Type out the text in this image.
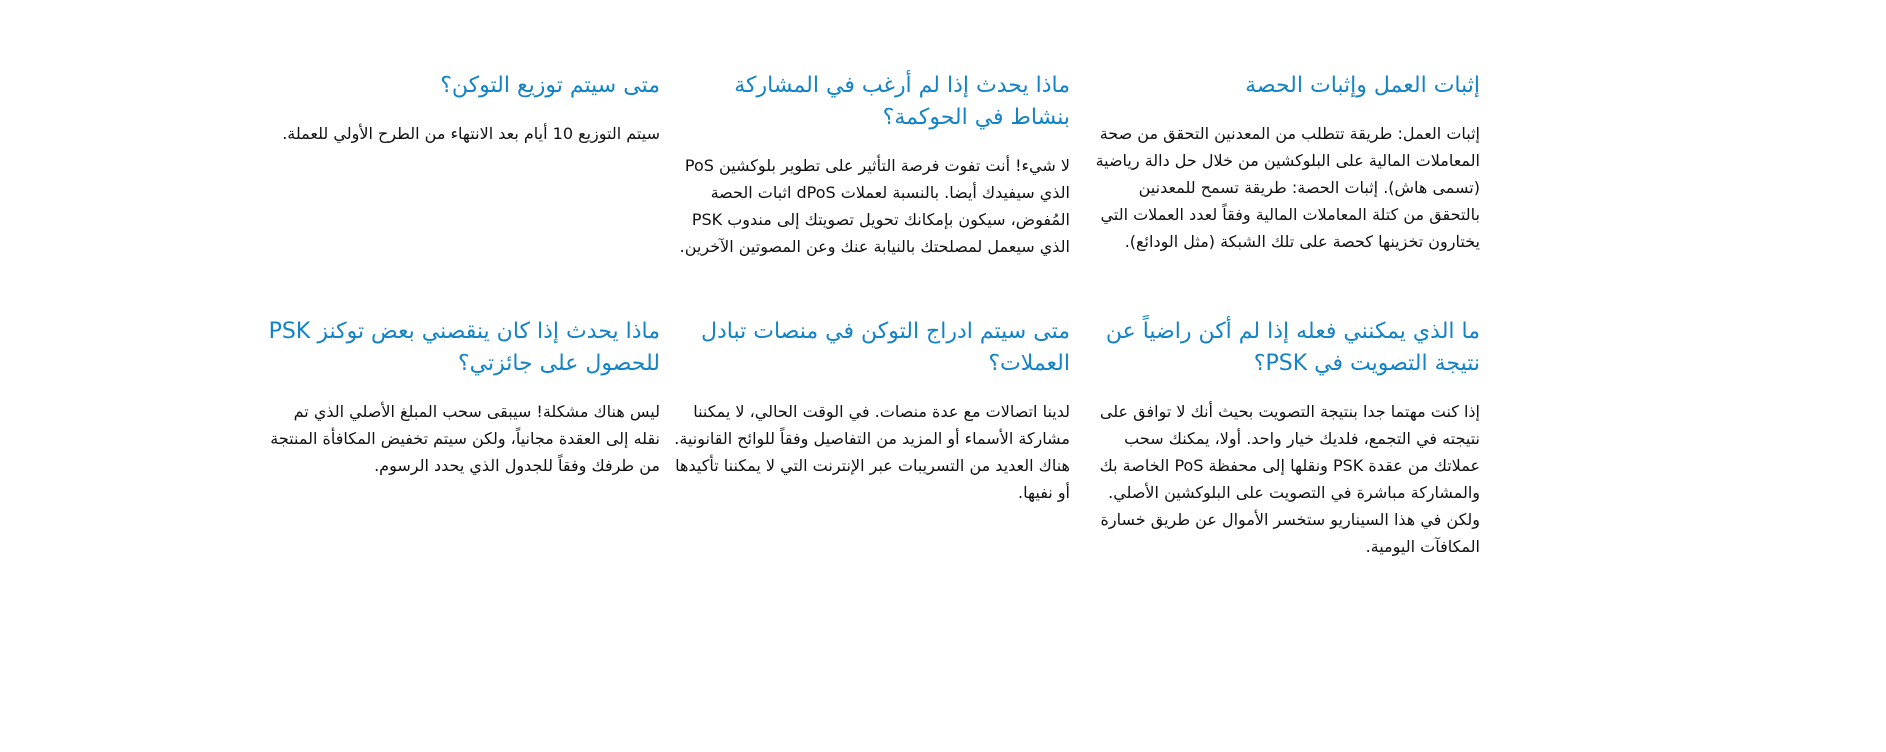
إثبات العمل وإثبات الحصة

إثبات العمل: طريقة تتطلب من المعدنين التحقق من صحة المعاملات المالية على البلوكشين من خلال حل دالة رياضية (تسمى هاش). إثبات الحصة: طريقة تسمح للمعدنين بالتحقق من كتلة المعاملات المالية وفقاً لعدد العملات التي يختارون تخزينها كحصة على تلك الشبكة (مثل الودائع).

ماذا يحدث إذا لم أرغب في المشاركة بنشاط في الحوكمة؟

لا شيء! أنت تفوت فرصة التأثير على تطوير بلوكشين PoS الذي سيفيدك أيضا. بالنسبة لعملات dPoS اثبات الحصة المُفوض، سيكون بإمكانك تحويل تصويتك إلى مندوب PSK الذي سيعمل لمصلحتك بالنيابة عنك وعن المصوتين الآخرين.

متى سيتم توزيع التوكن؟

سيتم التوزيع 10 أيام بعد الانتهاء من الطرح الأولي للعملة.

ما الذي يمكنني فعله إذا لم أكن راضياً عن نتيجة التصويت في PSK؟

إذا كنت مهتما جدا بنتيجة التصويت بحيث أنك لا توافق على نتيجته في التجمع، فلديك خيار واحد. أولا، يمكنك سحب عملاتك من عقدة PSK ونقلها إلى محفظة PoS الخاصة بك والمشاركة مباشرة في التصويت على البلوكشين الأصلي. ولكن في هذا السيناريو ستخسر الأموال عن طريق خسارة المكافآت اليومية.

متى سيتم ادراج التوكن في منصات تبادل العملات؟

لدينا اتصالات مع عدة منصات. في الوقت الحالي، لا يمكننا مشاركة الأسماء أو المزيد من التفاصيل وفقاً للوائح القانونية. هناك العديد من التسريبات عبر الإنترنت التي لا يمكننا تأكيدها أو نفيها.

ماذا يحدث إذا كان ينقصني بعض توكنز PSK للحصول على جائزتي؟

ليس هناك مشكلة! سيبقى سحب المبلغ الأصلي الذي تم نقله إلى العقدة مجانياً، ولكن سيتم تخفيض المكافأة المنتجة من طرفك وفقاً للجدول الذي يحدد الرسوم.
